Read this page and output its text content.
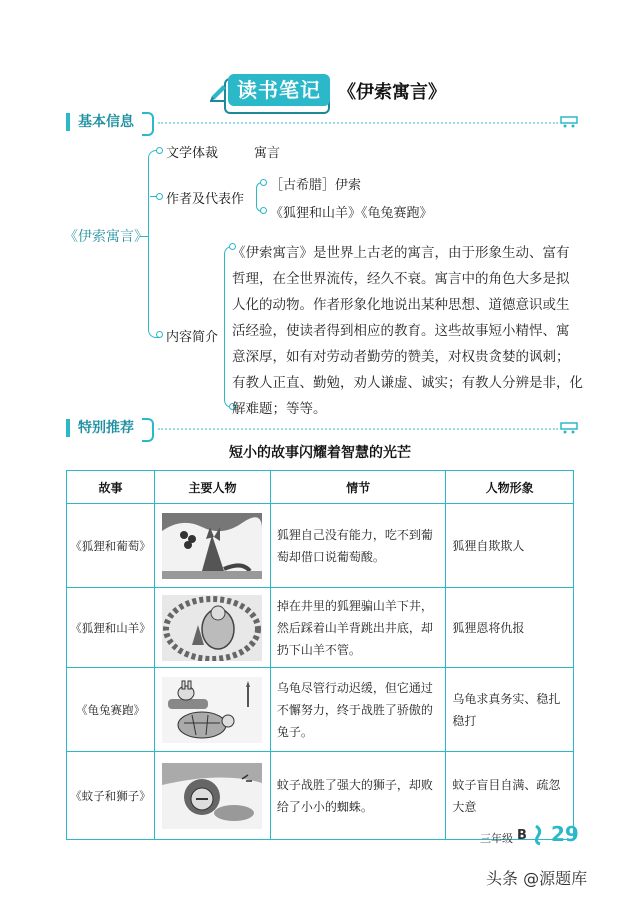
读书笔记 《伊索寓言》
基本信息
《伊索寓言》
文学体裁	寓言
作者及代表作
［古希腊］伊索
《狐狸和山羊》《龟兔赛跑》
内容简介
《伊索寓言》是世界上古老的寓言，由于形象生动、富有
哲理，在全世界流传，经久不衰。寓言中的角色大多是拟
人化的动物。作者形象化地说出某种思想、道德意识或生
活经验，使读者得到相应的教育。这些故事短小精悍、寓
意深厚，如有对劳动者勤劳的赞美，对权贵贪婪的讽刺；
有教人正直、勤勉，劝人谦虚、诚实；有教人分辨是非，化
解难题；等等。
特别推荐
短小的故事闪耀着智慧的光芒
故事	主要人物	情节	人物形象
《狐狸和葡萄》		狐狸自己没有能力，吃不到葡萄却借口说葡萄酸。	狐狸自欺欺人
《狐狸和山羊》		掉在井里的狐狸骗山羊下井，然后踩着山羊背跳出井底，却扔下山羊不管。	狐狸恩将仇报
《龟兔赛跑》		乌龟尽管行动迟缓，但它通过不懈努力，终于战胜了骄傲的兔子。	乌龟求真务实、稳扎稳打
《蚊子和狮子》		蚊子战胜了强大的狮子，却败给了小小的蜘蛛。	蚊子盲目自满、疏忽大意
三年级 B 29
头条 @源题库
